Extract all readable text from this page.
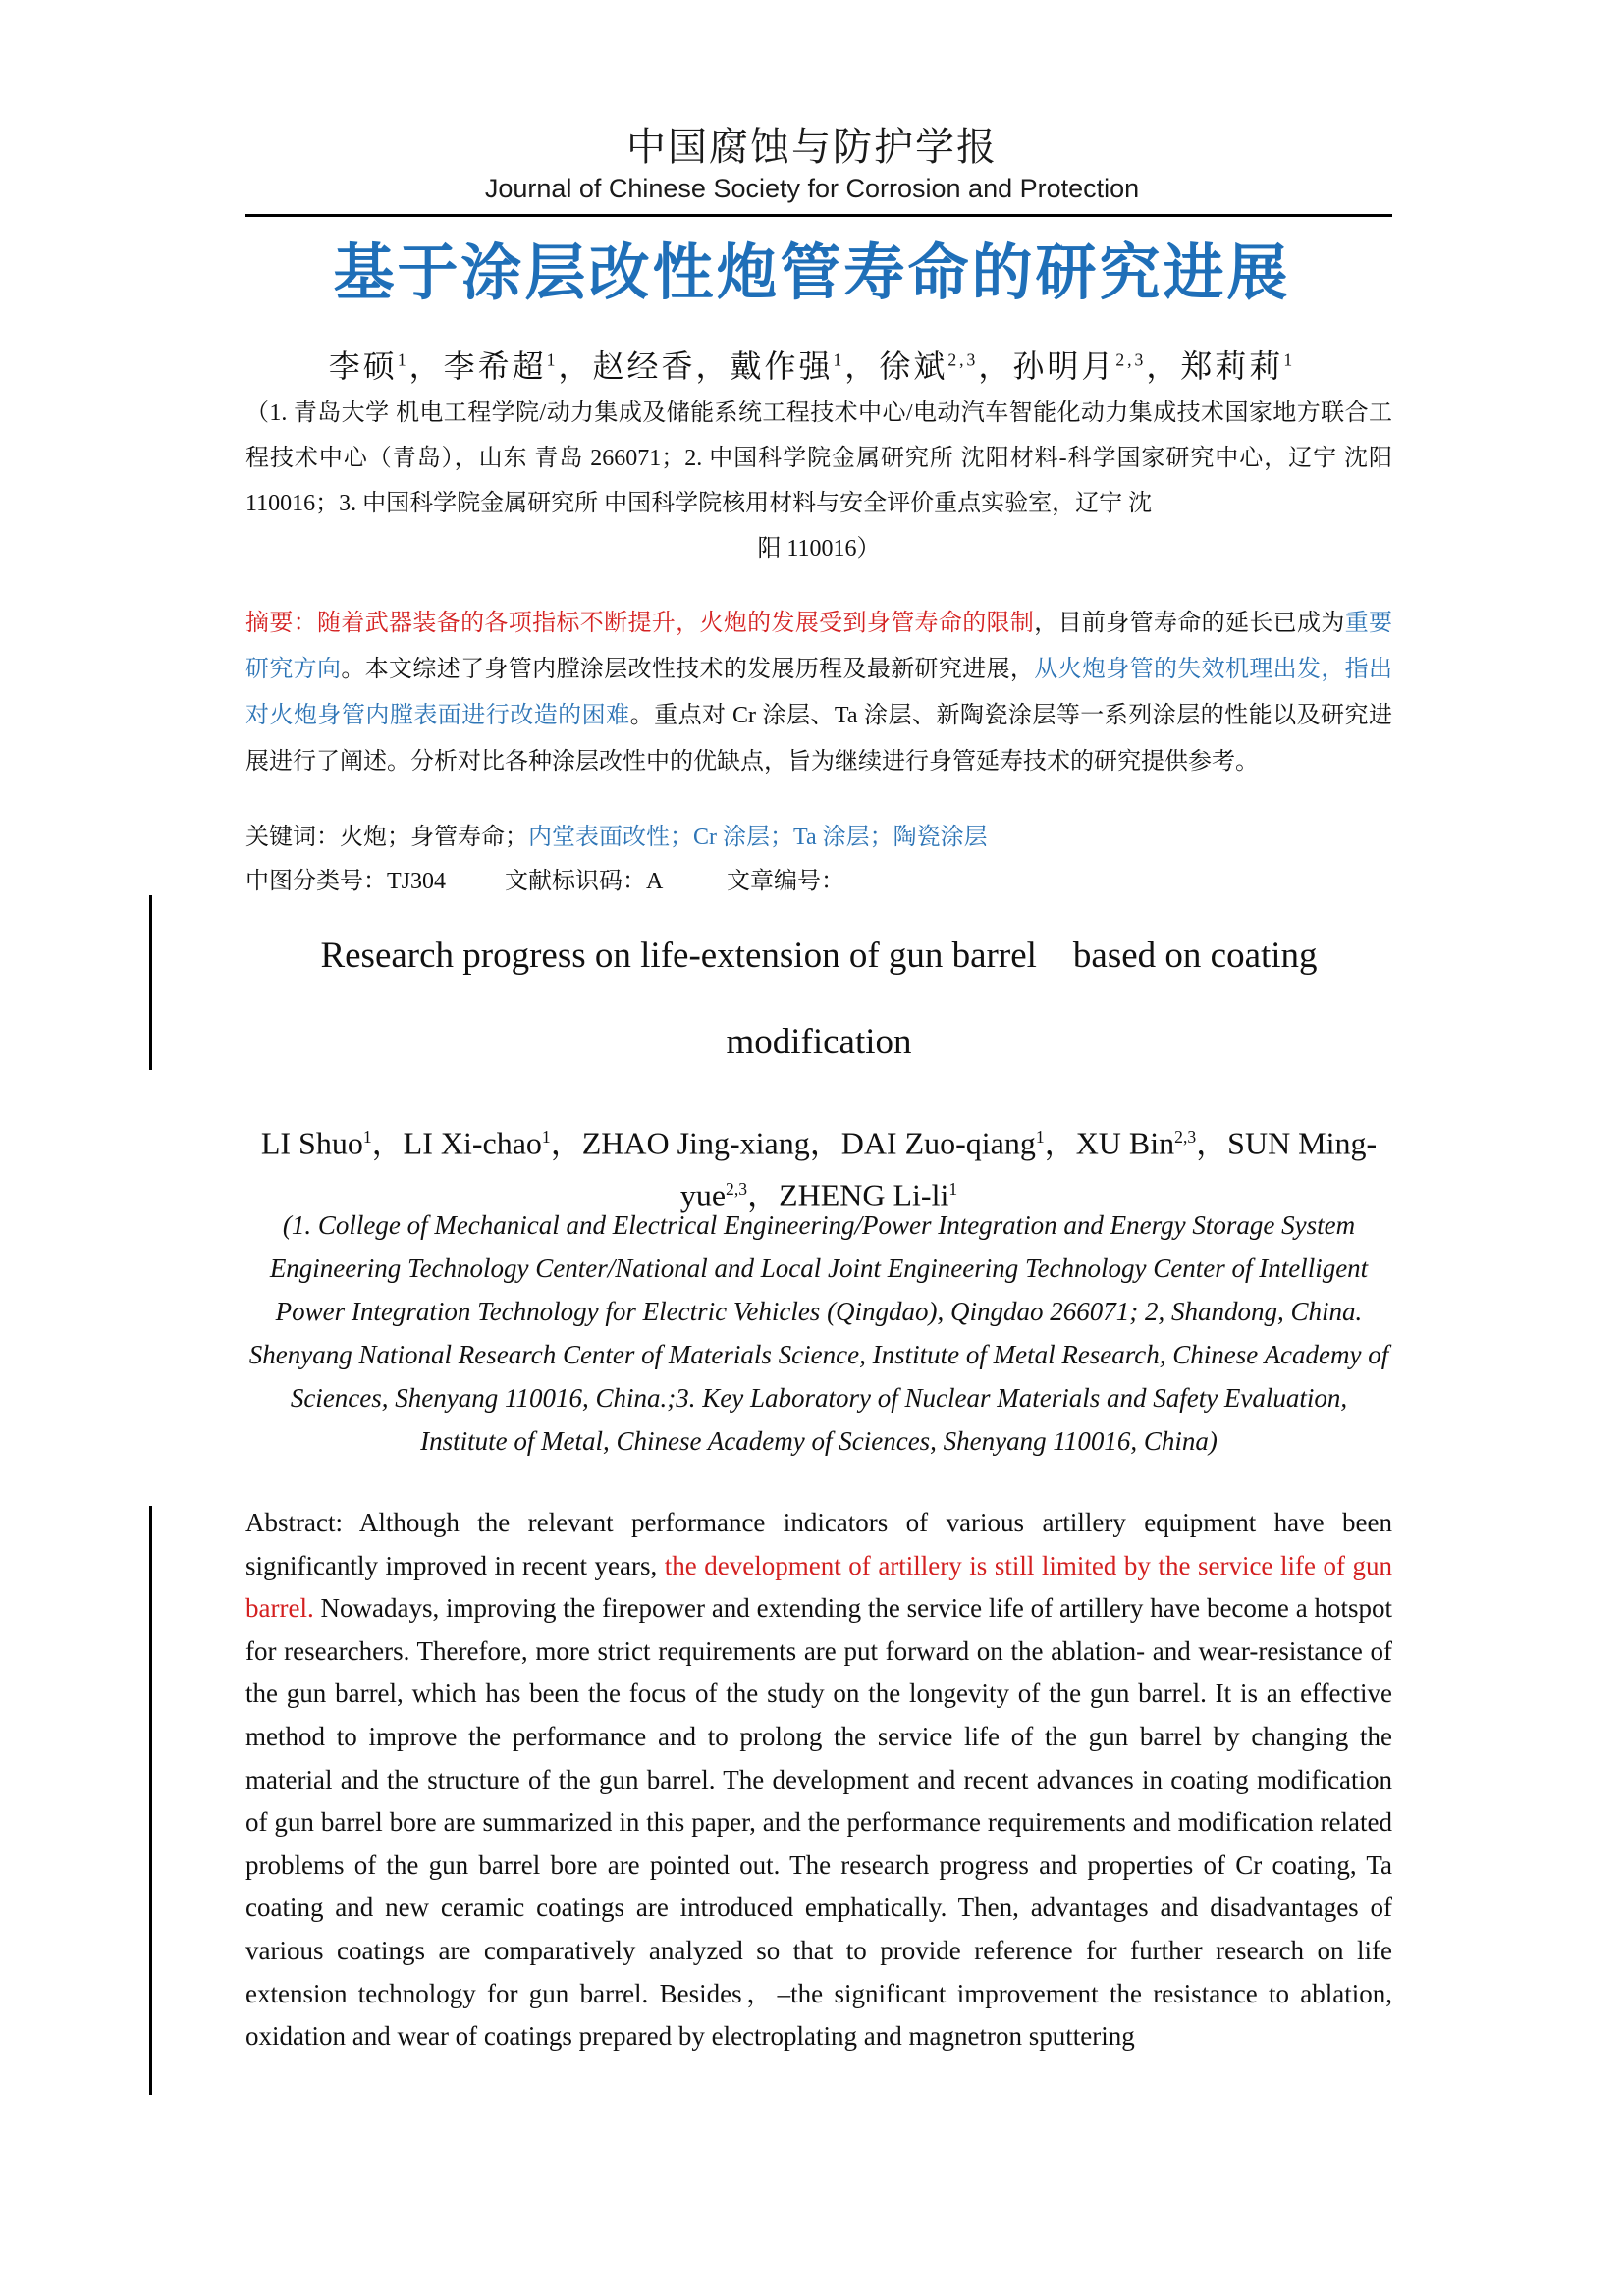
中国腐蚀与防护学报
Journal of Chinese Society for Corrosion and Protection
基于涂层改性炮管寿命的研究进展
李硕$^1$，李希超$^1$，赵经香，戴作强$^1$，徐斌$^{2,3}$，孙明月$^{2,3}$，郑莉莉$^1$
（1. 青岛大学 机电工程学院/动力集成及储能系统工程技术中心/电动汽车智能化动力集成技术国家地方联合工程技术中心（青岛），山东 青岛 266071；2. 中国科学院金属研究所 沈阳材料-科学国家研究中心，辽宁 沈阳 110016；3. 中国科学院金属研究所 中国科学院核用材料与安全评价重点实验室，辽宁 沈
阳 110016）
摘要：随着武器装备的各项指标不断提升，火炮的发展受到身管寿命的限制，目前身管寿命的延长已成为重要研究方向。本文综述了身管内膛涂层改性技术的发展历程及最新研究进展，从火炮身管的失效机理出发，指出对火炮身管内膛表面进行改造的困难。重点对 Cr 涂层、Ta 涂层、新陶瓷涂层等一系列涂层的性能以及研究进展进行了阐述。分析对比各种涂层改性中的优缺点，旨为继续进行身管延寿技术的研究提供参考。
关键词：火炮；身管寿命；内堂表面改性；Cr 涂层；Ta 涂层；陶瓷涂层
中图分类号：TJ304	文献标识码：A	文章编号：
Research progress on life-extension of gun barrel    based on coating
modification
LI Shuo$^1$，LI Xi-chao$^1$，ZHAO Jing-xiang，DAI Zuo-qiang$^1$，XU Bin$^{2,3}$，SUN Ming-yue$^{2,3}$，ZHENG $Li-li^1$
(1. College of Mechanical and Electrical Engineering/Power Integration and Energy Storage System Engineering Technology Center/National and Local Joint Engineering Technology Center of Intelligent Power Integration Technology for Electric Vehicles (Qingdao), Qingdao 266071; 2, Shandong, China. Shenyang National Research Center of Materials Science, Institute of Metal Research, Chinese Academy of Sciences, Shenyang 110016, China.;3. Key Laboratory of Nuclear Materials and Safety Evaluation, Institute of Metal, Chinese Academy of Sciences, Shenyang 110016, China)
Abstract: Although the relevant performance indicators of various artillery equipment have been significantly improved in recent years, the development of artillery is still limited by the service life of gun barrel. Nowadays, improving the firepower and extending the service life of artillery have become a hotspot for researchers. Therefore, more strict requirements are put forward on the ablation- and wear-resistance of the gun barrel, which has been the focus of the study on the longevity of the gun barrel. It is an effective method to improve the performance and to prolong the service life of the gun barrel by changing the material and the structure of the gun barrel. The development and recent advances in coating modification of gun barrel bore are summarized in this paper, and the performance requirements and modification related problems of the gun barrel bore are pointed out. The research progress and properties of Cr coating, Ta coating and new ceramic coatings are introduced emphatically. Then, advantages and disadvantages of various coatings are comparatively analyzed so that to provide reference for further research on life extension technology for gun barrel. Besides，–the significant improvement the resistance to ablation, oxidation and wear of coatings prepared by electroplating and magnetron sputtering
